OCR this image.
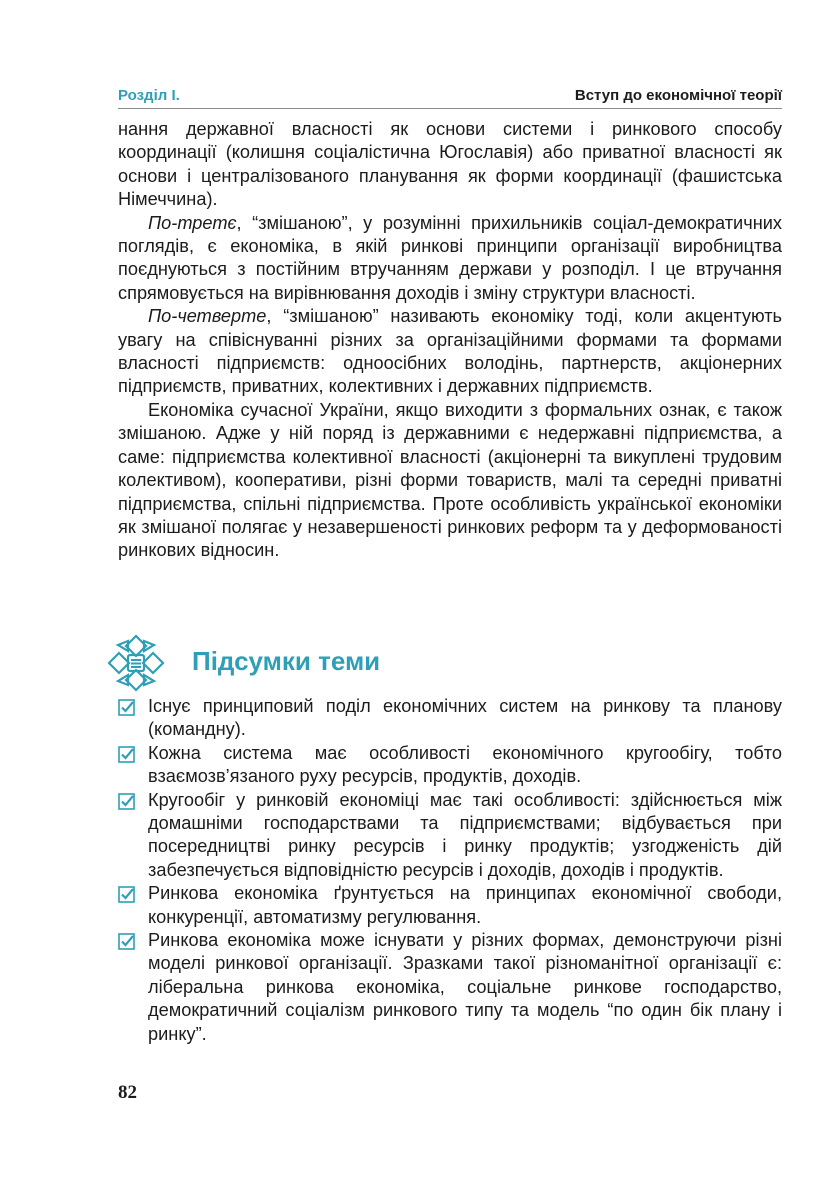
Розділ І.	Вступ до економічної теорії

нання державної власності як основи системи і ринкового способу координації (колишня соціалістична Югославія) або приватної власності як основи і централізованого планування як форми координації (фашистська Німеччина).

По-третє, “змішаною”, у розумінні прихильників соціал-демократичних поглядів, є економіка, в якій ринкові принципи організації виробництва поєднуються з постійним втручанням держави у розподіл. І це втручання спрямовується на вирівнювання доходів і зміну структури власності.

По-четверте, “змішаною” називають економіку тоді, коли акцентують увагу на співіснуванні різних за організаційними формами та формами власності підприємств: одноосібних володінь, партнерств, акціонерних підприємств, приватних, колективних і державних підприємств.

Економіка сучасної України, якщо виходити з формальних ознак, є також змішаною. Адже у ній поряд із державними є недержавні підприємства, а саме: підприємства колективної власності (акціонерні та викуплені трудовим колективом), кооперативи, різні форми товариств, малі та середні приватні підприємства, спільні підприємства. Проте особливість української економіки як змішаної полягає у незавершеності ринкових реформ та у деформованості ринкових відносин.

Підсумки теми
Існує принциповий поділ економічних систем на ринкову та планову (командну).
Кожна система має особливості економічного кругообігу, тобто взаємозв’язаного руху ресурсів, продуктів, доходів.
Кругообіг у ринковій економіці має такі особливості: здійснюється між домашніми господарствами та підприємствами; відбувається при посередництві ринку ресурсів і ринку продуктів; узгодженість дій забезпечується відповідністю ресурсів і доходів, доходів і продуктів.
Ринкова економіка ґрунтується на принципах економічної свободи, конкуренції, автоматизму регулювання.
Ринкова економіка може існувати у різних формах, демонструючи різні моделі ринкової організації. Зразками такої різноманітної організації є: ліберальна ринкова економіка, соціальне ринкове господарство, демократичний соціалізм ринкового типу та модель “по один бік плану і ринку”.
82
